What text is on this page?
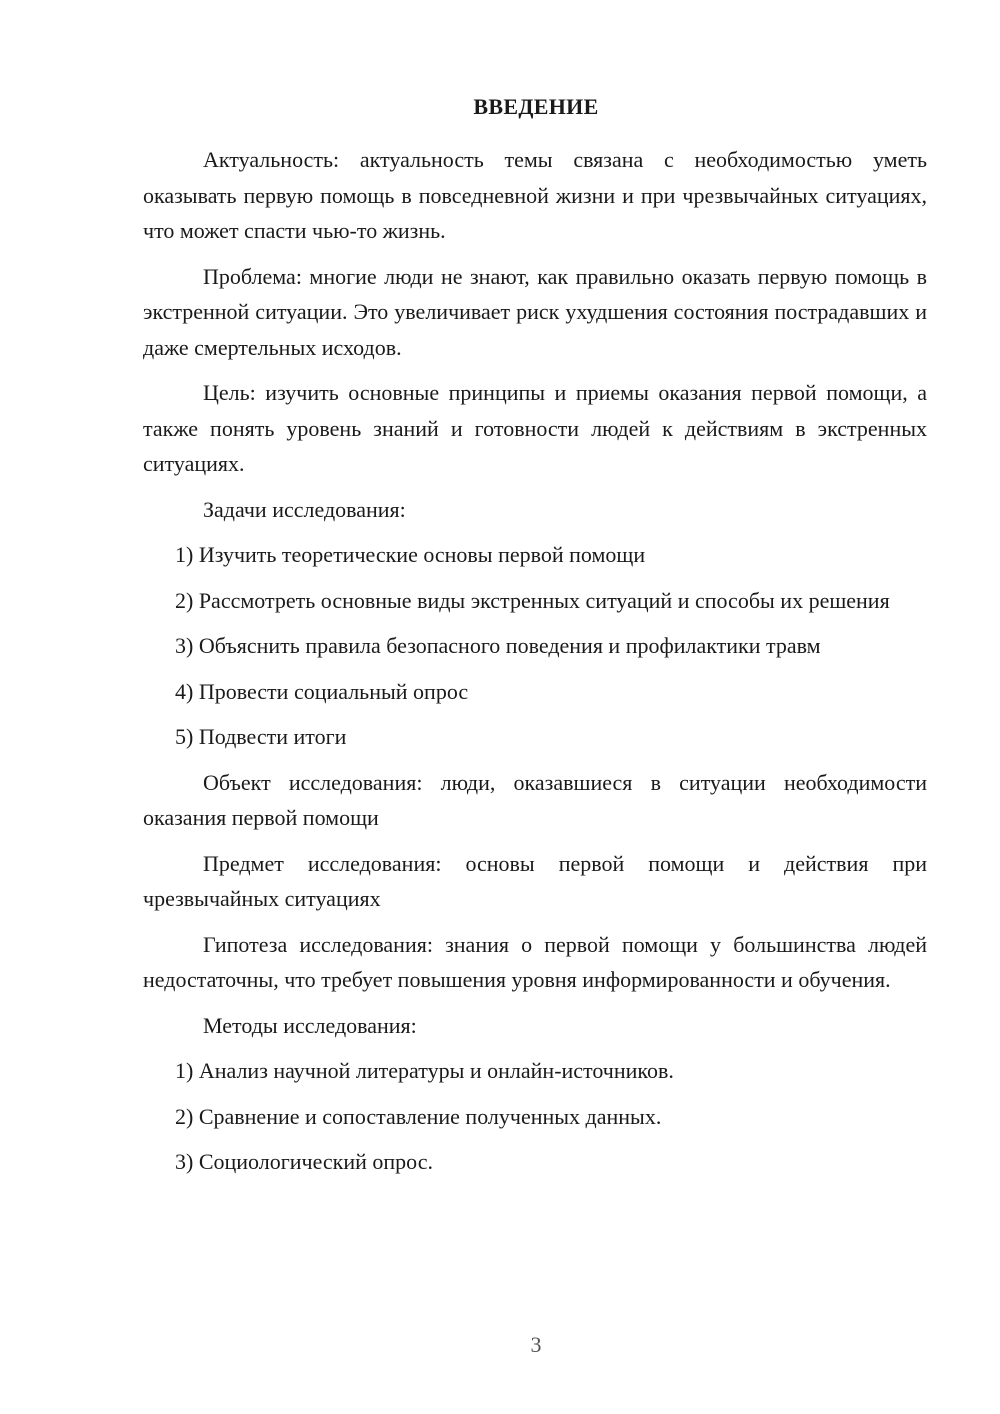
ВВЕДЕНИЕ

Актуальность: актуальность темы связана с необходимостью уметь оказывать первую помощь в повседневной жизни и при чрезвычайных ситуациях, что может спасти чью-то жизнь.

Проблема: многие люди не знают, как правильно оказать первую помощь в экстренной ситуации. Это увеличивает риск ухудшения состояния пострадавших и даже смертельных исходов.

Цель: изучить основные принципы и приемы оказания первой помощи, а также понять уровень знаний и готовности людей к действиям в экстренных ситуациях.

Задачи исследования:

1) Изучить теоретические основы первой помощи

2) Рассмотреть основные виды экстренных ситуаций и способы их решения

3) Объяснить правила безопасного поведения и профилактики травм

4) Провести социальный опрос

5) Подвести итоги

Объект исследования: люди, оказавшиеся в ситуации необходимости оказания первой помощи

Предмет исследования: основы первой помощи и действия при чрезвычайных ситуациях

Гипотеза исследования: знания о первой помощи у большинства людей недостаточны, что требует повышения уровня информированности и обучения.

Методы исследования:

1) Анализ научной литературы и онлайн-источников.

2) Сравнение и сопоставление полученных данных.

3) Социологический опрос.

3
